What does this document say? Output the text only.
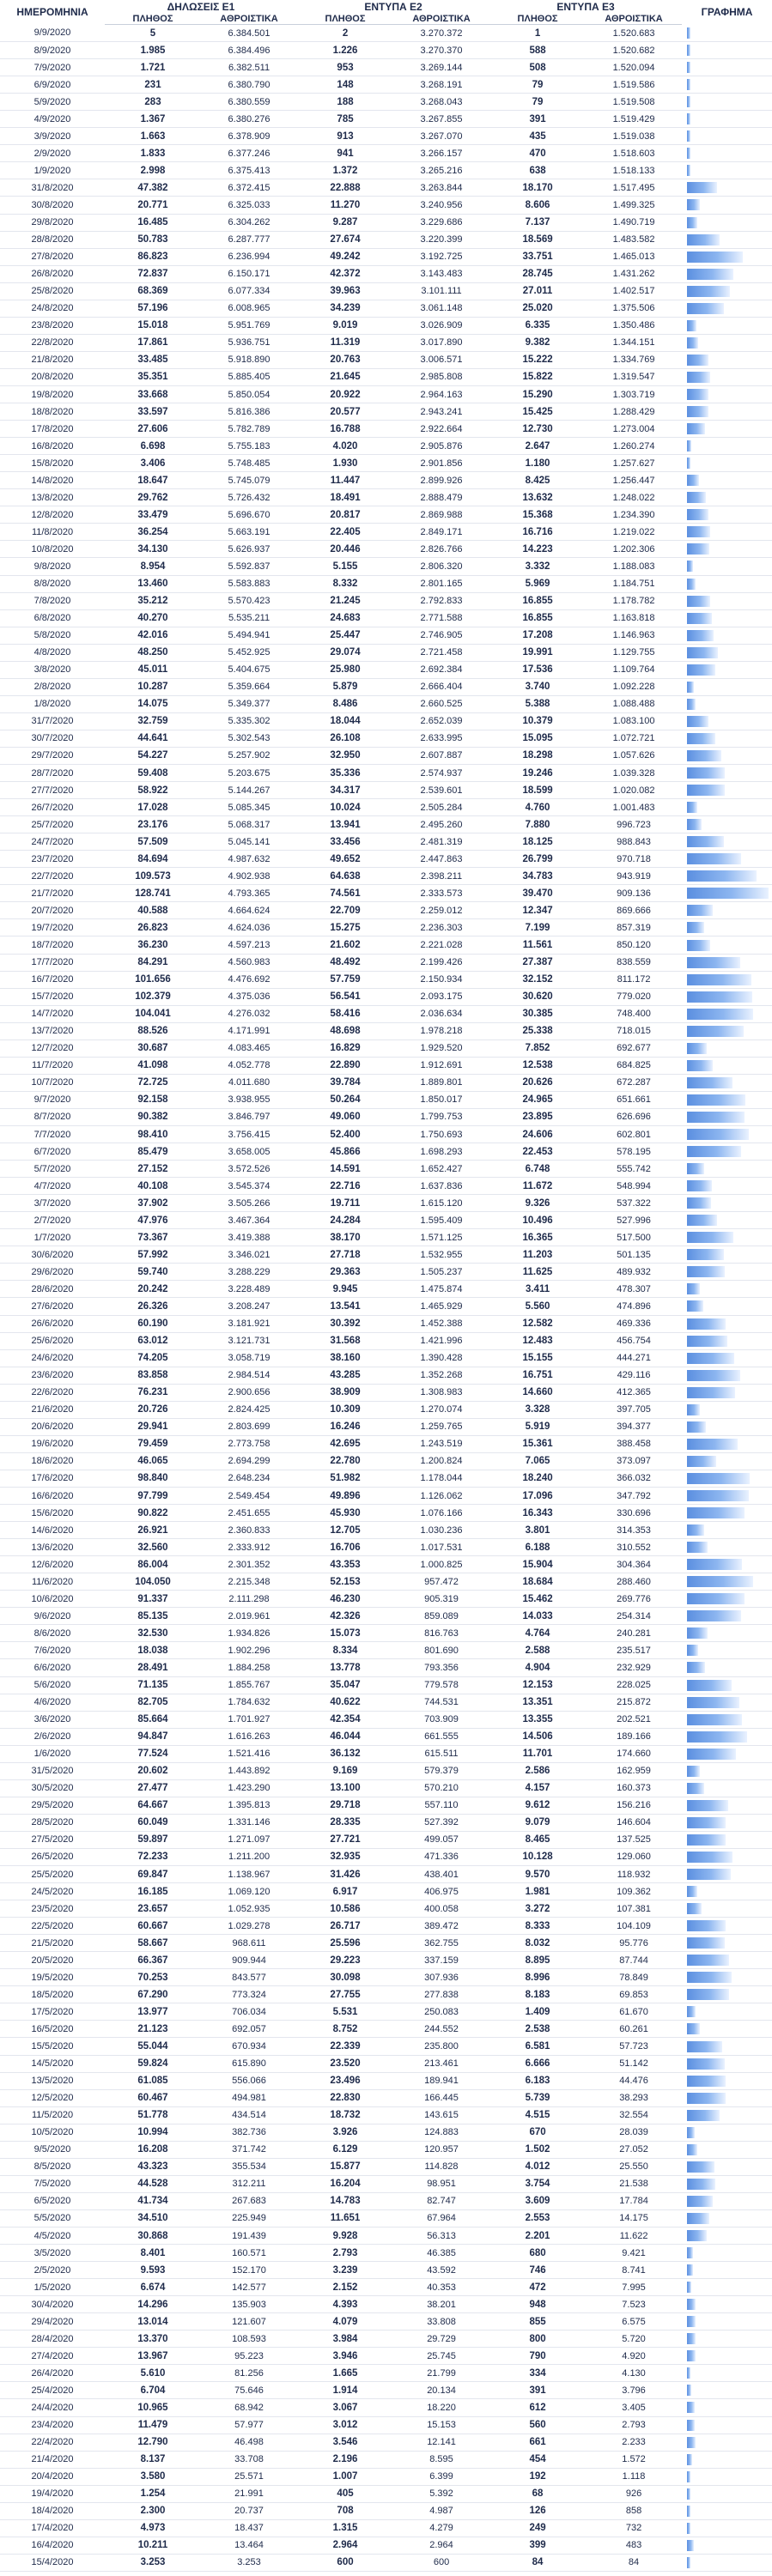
ΗΜΕΡΟΜΗΝΙΑ	ΔΗΛΩΣΕΙΣ Ε1		ΕΝΤΥΠΑ Ε2		ΕΝΤΥΠΑ Ε3		ΓΡΑΦΗΜΑ
	ΠΛΗΘΟΣ	ΑΘΡΟΙΣΤΙΚΑ	ΠΛΗΘΟΣ	ΑΘΡΟΙΣΤΙΚΑ	ΠΛΗΘΟΣ	ΑΘΡΟΙΣΤΙΚΑ	
9/9/2020	5	6.384.501	2	3.270.372	1	1.520.683	

8/9/2020	1.985	6.384.496	1.226	3.270.370	588	1.520.682	

7/9/2020	1.721	6.382.511	953	3.269.144	508	1.520.094	

6/9/2020	231	6.380.790	148	3.268.191	79	1.519.586	

5/9/2020	283	6.380.559	188	3.268.043	79	1.519.508	

4/9/2020	1.367	6.380.276	785	3.267.855	391	1.519.429	

3/9/2020	1.663	6.378.909	913	3.267.070	435	1.519.038	

2/9/2020	1.833	6.377.246	941	3.266.157	470	1.518.603	

1/9/2020	2.998	6.375.413	1.372	3.265.216	638	1.518.133	

31/8/2020	47.382	6.372.415	22.888	3.263.844	18.170	1.517.495	

30/8/2020	20.771	6.325.033	11.270	3.240.956	8.606	1.499.325	

29/8/2020	16.485	6.304.262	9.287	3.229.686	7.137	1.490.719	

28/8/2020	50.783	6.287.777	27.674	3.220.399	18.569	1.483.582	

27/8/2020	86.823	6.236.994	49.242	3.192.725	33.751	1.465.013	

26/8/2020	72.837	6.150.171	42.372	3.143.483	28.745	1.431.262	

25/8/2020	68.369	6.077.334	39.963	3.101.111	27.011	1.402.517	

24/8/2020	57.196	6.008.965	34.239	3.061.148	25.020	1.375.506	

23/8/2020	15.018	5.951.769	9.019	3.026.909	6.335	1.350.486	

22/8/2020	17.861	5.936.751	11.319	3.017.890	9.382	1.344.151	

21/8/2020	33.485	5.918.890	20.763	3.006.571	15.222	1.334.769	

20/8/2020	35.351	5.885.405	21.645	2.985.808	15.822	1.319.547	

19/8/2020	33.668	5.850.054	20.922	2.964.163	15.290	1.303.719	

18/8/2020	33.597	5.816.386	20.577	2.943.241	15.425	1.288.429	

17/8/2020	27.606	5.782.789	16.788	2.922.664	12.730	1.273.004	

16/8/2020	6.698	5.755.183	4.020	2.905.876	2.647	1.260.274	

15/8/2020	3.406	5.748.485	1.930	2.901.856	1.180	1.257.627	

14/8/2020	18.647	5.745.079	11.447	2.899.926	8.425	1.256.447	

13/8/2020	29.762	5.726.432	18.491	2.888.479	13.632	1.248.022	

12/8/2020	33.479	5.696.670	20.817	2.869.988	15.368	1.234.390	

11/8/2020	36.254	5.663.191	22.405	2.849.171	16.716	1.219.022	

10/8/2020	34.130	5.626.937	20.446	2.826.766	14.223	1.202.306	

9/8/2020	8.954	5.592.837	5.155	2.806.320	3.332	1.188.083	

8/8/2020	13.460	5.583.883	8.332	2.801.165	5.969	1.184.751	

7/8/2020	35.212	5.570.423	21.245	2.792.833	16.855	1.178.782	

6/8/2020	40.270	5.535.211	24.683	2.771.588	16.855	1.163.818	

5/8/2020	42.016	5.494.941	25.447	2.746.905	17.208	1.146.963	

4/8/2020	48.250	5.452.925	29.074	2.721.458	19.991	1.129.755	

3/8/2020	45.011	5.404.675	25.980	2.692.384	17.536	1.109.764	

2/8/2020	10.287	5.359.664	5.879	2.666.404	3.740	1.092.228	

1/8/2020	14.075	5.349.377	8.486	2.660.525	5.388	1.088.488	

31/7/2020	32.759	5.335.302	18.044	2.652.039	10.379	1.083.100	

30/7/2020	44.641	5.302.543	26.108	2.633.995	15.095	1.072.721	

29/7/2020	54.227	5.257.902	32.950	2.607.887	18.298	1.057.626	

28/7/2020	59.408	5.203.675	35.336	2.574.937	19.246	1.039.328	

27/7/2020	58.922	5.144.267	34.317	2.539.601	18.599	1.020.082	

26/7/2020	17.028	5.085.345	10.024	2.505.284	4.760	1.001.483	

25/7/2020	23.176	5.068.317	13.941	2.495.260	7.880	996.723	

24/7/2020	57.509	5.045.141	33.456	2.481.319	18.125	988.843	

23/7/2020	84.694	4.987.632	49.652	2.447.863	26.799	970.718	

22/7/2020	109.573	4.902.938	64.638	2.398.211	34.783	943.919	

21/7/2020	128.741	4.793.365	74.561	2.333.573	39.470	909.136	

20/7/2020	40.588	4.664.624	22.709	2.259.012	12.347	869.666	

19/7/2020	26.823	4.624.036	15.275	2.236.303	7.199	857.319	

18/7/2020	36.230	4.597.213	21.602	2.221.028	11.561	850.120	

17/7/2020	84.291	4.560.983	48.492	2.199.426	27.387	838.559	

16/7/2020	101.656	4.476.692	57.759	2.150.934	32.152	811.172	

15/7/2020	102.379	4.375.036	56.541	2.093.175	30.620	779.020	

14/7/2020	104.041	4.276.032	58.416	2.036.634	30.385	748.400	

13/7/2020	88.526	4.171.991	48.698	1.978.218	25.338	718.015	

12/7/2020	30.687	4.083.465	16.829	1.929.520	7.852	692.677	

11/7/2020	41.098	4.052.778	22.890	1.912.691	12.538	684.825	

10/7/2020	72.725	4.011.680	39.784	1.889.801	20.626	672.287	

9/7/2020	92.158	3.938.955	50.264	1.850.017	24.965	651.661	

8/7/2020	90.382	3.846.797	49.060	1.799.753	23.895	626.696	

7/7/2020	98.410	3.756.415	52.400	1.750.693	24.606	602.801	

6/7/2020	85.479	3.658.005	45.866	1.698.293	22.453	578.195	

5/7/2020	27.152	3.572.526	14.591	1.652.427	6.748	555.742	

4/7/2020	40.108	3.545.374	22.716	1.637.836	11.672	548.994	

3/7/2020	37.902	3.505.266	19.711	1.615.120	9.326	537.322	

2/7/2020	47.976	3.467.364	24.284	1.595.409	10.496	527.996	

1/7/2020	73.367	3.419.388	38.170	1.571.125	16.365	517.500	

30/6/2020	57.992	3.346.021	27.718	1.532.955	11.203	501.135	

29/6/2020	59.740	3.288.229	29.363	1.505.237	11.625	489.932	

28/6/2020	20.242	3.228.489	9.945	1.475.874	3.411	478.307	

27/6/2020	26.326	3.208.247	13.541	1.465.929	5.560	474.896	

26/6/2020	60.190	3.181.921	30.392	1.452.388	12.582	469.336	

25/6/2020	63.012	3.121.731	31.568	1.421.996	12.483	456.754	

24/6/2020	74.205	3.058.719	38.160	1.390.428	15.155	444.271	

23/6/2020	83.858	2.984.514	43.285	1.352.268	16.751	429.116	

22/6/2020	76.231	2.900.656	38.909	1.308.983	14.660	412.365	

21/6/2020	20.726	2.824.425	10.309	1.270.074	3.328	397.705	

20/6/2020	29.941	2.803.699	16.246	1.259.765	5.919	394.377	

19/6/2020	79.459	2.773.758	42.695	1.243.519	15.361	388.458	

18/6/2020	46.065	2.694.299	22.780	1.200.824	7.065	373.097	

17/6/2020	98.840	2.648.234	51.982	1.178.044	18.240	366.032	

16/6/2020	97.799	2.549.454	49.896	1.126.062	17.096	347.792	

15/6/2020	90.822	2.451.655	45.930	1.076.166	16.343	330.696	

14/6/2020	26.921	2.360.833	12.705	1.030.236	3.801	314.353	

13/6/2020	32.560	2.333.912	16.706	1.017.531	6.188	310.552	

12/6/2020	86.004	2.301.352	43.353	1.000.825	15.904	304.364	

11/6/2020	104.050	2.215.348	52.153	957.472	18.684	288.460	

10/6/2020	91.337	2.111.298	46.230	905.319	15.462	269.776	

9/6/2020	85.135	2.019.961	42.326	859.089	14.033	254.314	

8/6/2020	32.530	1.934.826	15.073	816.763	4.764	240.281	

7/6/2020	18.038	1.902.296	8.334	801.690	2.588	235.517	

6/6/2020	28.491	1.884.258	13.778	793.356	4.904	232.929	

5/6/2020	71.135	1.855.767	35.047	779.578	12.153	228.025	

4/6/2020	82.705	1.784.632	40.622	744.531	13.351	215.872	

3/6/2020	85.664	1.701.927	42.354	703.909	13.355	202.521	

2/6/2020	94.847	1.616.263	46.044	661.555	14.506	189.166	

1/6/2020	77.524	1.521.416	36.132	615.511	11.701	174.660	

31/5/2020	20.602	1.443.892	9.169	579.379	2.586	162.959	

30/5/2020	27.477	1.423.290	13.100	570.210	4.157	160.373	

29/5/2020	64.667	1.395.813	29.718	557.110	9.612	156.216	

28/5/2020	60.049	1.331.146	28.335	527.392	9.079	146.604	

27/5/2020	59.897	1.271.097	27.721	499.057	8.465	137.525	

26/5/2020	72.233	1.211.200	32.935	471.336	10.128	129.060	

25/5/2020	69.847	1.138.967	31.426	438.401	9.570	118.932	

24/5/2020	16.185	1.069.120	6.917	406.975	1.981	109.362	

23/5/2020	23.657	1.052.935	10.586	400.058	3.272	107.381	

22/5/2020	60.667	1.029.278	26.717	389.472	8.333	104.109	

21/5/2020	58.667	968.611	25.596	362.755	8.032	95.776	

20/5/2020	66.367	909.944	29.223	337.159	8.895	87.744	

19/5/2020	70.253	843.577	30.098	307.936	8.996	78.849	

18/5/2020	67.290	773.324	27.755	277.838	8.183	69.853	

17/5/2020	13.977	706.034	5.531	250.083	1.409	61.670	

16/5/2020	21.123	692.057	8.752	244.552	2.538	60.261	

15/5/2020	55.044	670.934	22.339	235.800	6.581	57.723	

14/5/2020	59.824	615.890	23.520	213.461	6.666	51.142	

13/5/2020	61.085	556.066	23.496	189.941	6.183	44.476	

12/5/2020	60.467	494.981	22.830	166.445	5.739	38.293	

11/5/2020	51.778	434.514	18.732	143.615	4.515	32.554	

10/5/2020	10.994	382.736	3.926	124.883	670	28.039	

9/5/2020	16.208	371.742	6.129	120.957	1.502	27.052	

8/5/2020	43.323	355.534	15.877	114.828	4.012	25.550	

7/5/2020	44.528	312.211	16.204	98.951	3.754	21.538	

6/5/2020	41.734	267.683	14.783	82.747	3.609	17.784	

5/5/2020	34.510	225.949	11.651	67.964	2.553	14.175	

4/5/2020	30.868	191.439	9.928	56.313	2.201	11.622	

3/5/2020	8.401	160.571	2.793	46.385	680	9.421	

2/5/2020	9.593	152.170	3.239	43.592	746	8.741	

1/5/2020	6.674	142.577	2.152	40.353	472	7.995	

30/4/2020	14.296	135.903	4.393	38.201	948	7.523	

29/4/2020	13.014	121.607	4.079	33.808	855	6.575	

28/4/2020	13.370	108.593	3.984	29.729	800	5.720	

27/4/2020	13.967	95.223	3.946	25.745	790	4.920	

26/4/2020	5.610	81.256	1.665	21.799	334	4.130	

25/4/2020	6.704	75.646	1.914	20.134	391	3.796	

24/4/2020	10.965	68.942	3.067	18.220	612	3.405	

23/4/2020	11.479	57.977	3.012	15.153	560	2.793	

22/4/2020	12.790	46.498	3.546	12.141	661	2.233	

21/4/2020	8.137	33.708	2.196	8.595	454	1.572	

20/4/2020	3.580	25.571	1.007	6.399	192	1.118	

19/4/2020	1.254	21.991	405	5.392	68	926	

18/4/2020	2.300	20.737	708	4.987	126	858	

17/4/2020	4.973	18.437	1.315	4.279	249	732	

16/4/2020	10.211	13.464	2.964	2.964	399	483	

15/4/2020	3.253	3.253	600	600	84	84	
